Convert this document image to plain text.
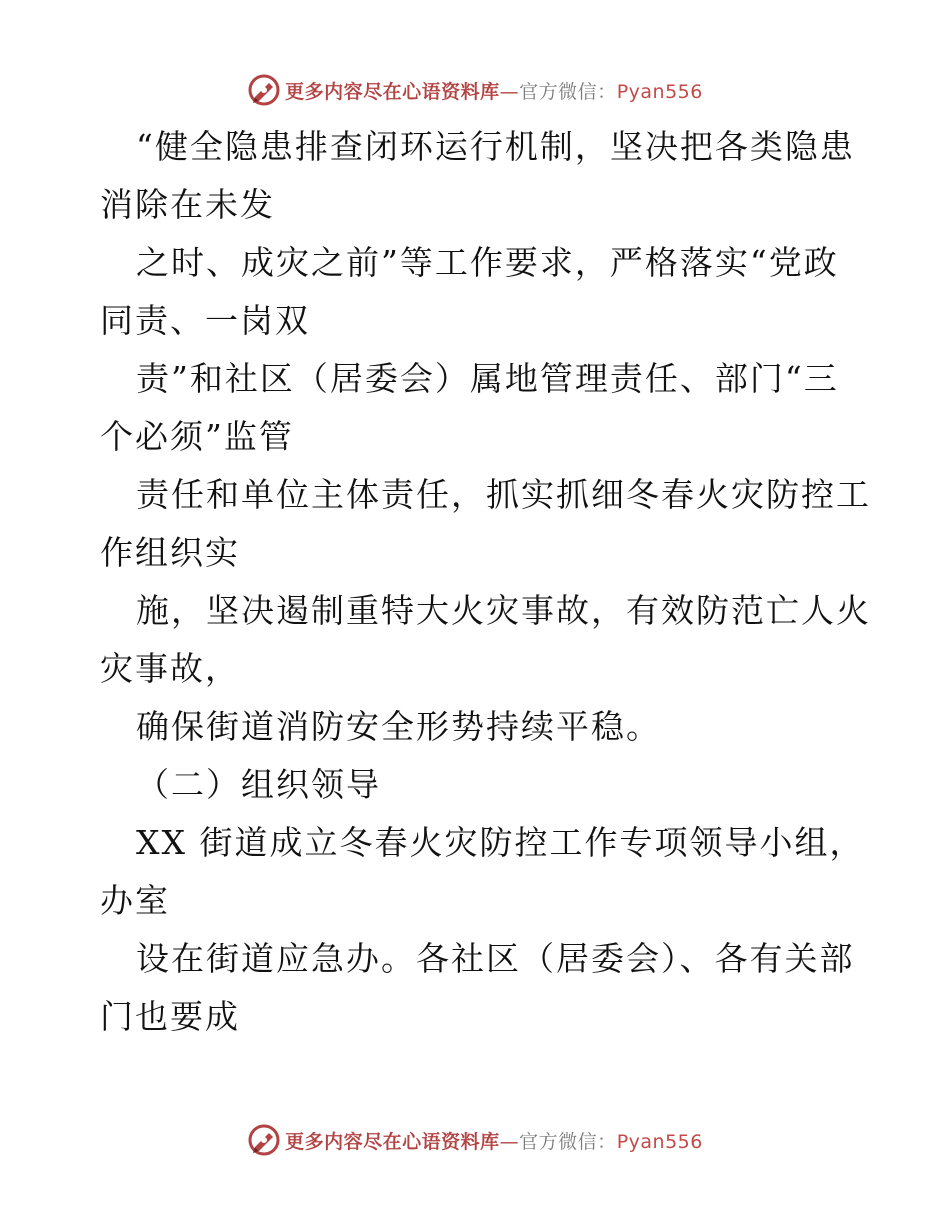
更多内容尽在心语资料库—官方微信：Pyan556
“健全隐患排查闭环运行机制，坚决把各类隐患
消除在未发
之时、成灾之前”等工作要求，严格落实“党政
同责、一岗双
责”和社区（居委会）属地管理责任、部门“三
个必须”监管
责任和单位主体责任，抓实抓细冬春火灾防控工
作组织实
施，坚决遏制重特大火灾事故，有效防范亡人火
灾事故，
确保街道消防安全形势持续平稳。
（二）组织领导
XX 街道成立冬春火灾防控工作专项领导小组，
办室
设在街道应急办。各社区（居委会）、各有关部
门也要成
更多内容尽在心语资料库—官方微信：Pyan556
